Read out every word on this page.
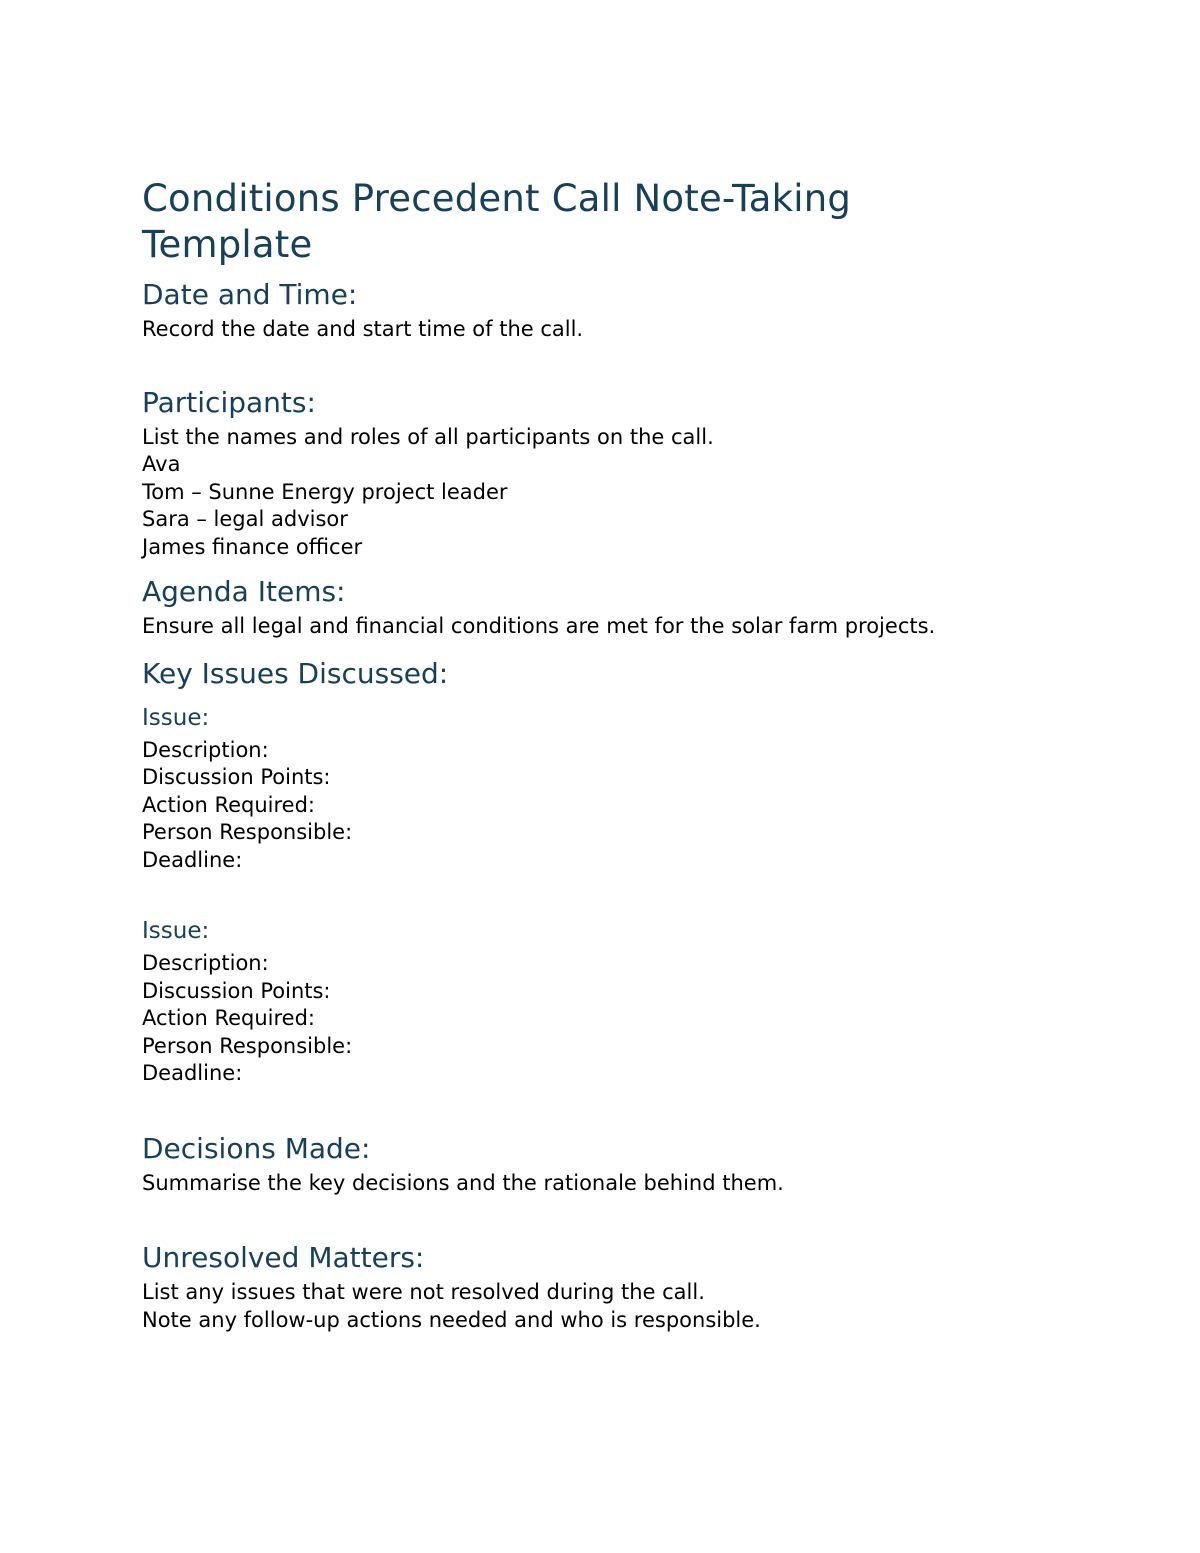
Conditions Precedent Call Note-Taking Template
Date and Time:

Record the date and start time of the call.

Participants:
List the names and roles of all participants on the call.
Ava
Tom – Sunne Energy project leader
Sara – legal advisor
James finance officer
Agenda Items:

Ensure all legal and financial conditions are met for the solar farm projects.

Key Issues Discussed:
Issue:
Description:
Discussion Points:
Action Required:
Person Responsible:
Deadline:
Issue:
Description:
Discussion Points:
Action Required:
Person Responsible:
Deadline:
Decisions Made:

Summarise the key decisions and the rationale behind them.

Unresolved Matters:
List any issues that were not resolved during the call.
Note any follow-up actions needed and who is responsible.
